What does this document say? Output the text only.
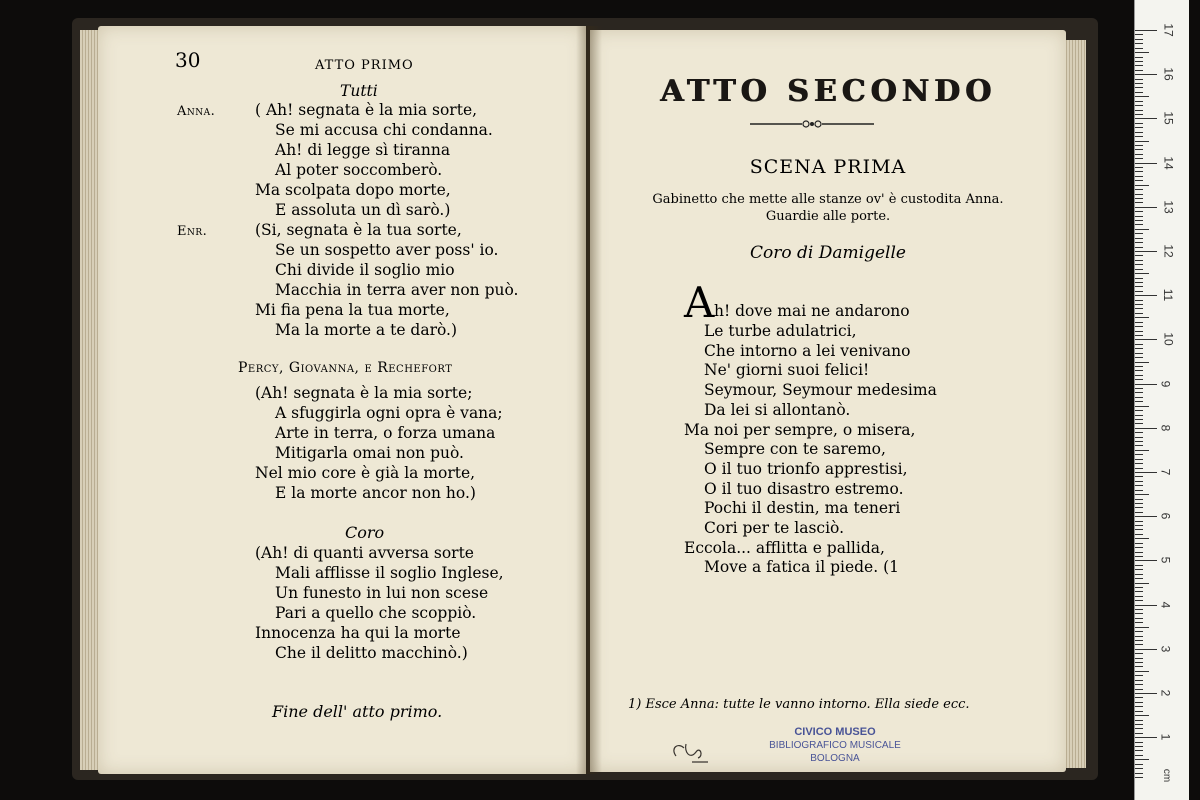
30	ATTO PRIMO
Tutti
Anna.	( Ah! segnata è la mia sorte,
Se mi accusa chi condanna.
Ah! di legge sì tiranna
Al poter soccomberò.
Ma scolpata dopo morte,
E assoluta un dì sarò.)
Enr.	(Si, segnata è la tua sorte,
Se un sospetto aver poss' io.
Chi divide il soglio mio
Macchia in terra aver non può.
Mi fia pena la tua morte,
Ma la morte a te darò.)
Percy, Giovanna, e Rechefort
(Ah! segnata è la mia sorte;
A sfuggirla ogni opra è vana;
Arte in terra, o forza umana
Mitigarla omai non può.
Nel mio core è già la morte,
E la morte ancor non ho.)
Coro
(Ah! di quanti avversa sorte
Mali afflisse il soglio Inglese,
Un funesto in lui non scese
Pari a quello che scoppiò.
Innocenza ha qui la morte
Che il delitto macchinò.)
Fine dell' atto primo.
ATTO SECONDO
SCENA PRIMA
Gabinetto che mette alle stanze ov' è custodita Anna.
Guardie alle porte.
Coro di Damigelle
A h! dove mai ne andarono
Le turbe adulatrici,
Che intorno a lei venivano
Ne' giorni suoi felici!
Seymour, Seymour medesima
Da lei si allontanò.
Ma noi per sempre, o misera,
Sempre con te saremo,
O il tuo trionfo apprestisi,
O il tuo disastro estremo.
Pochi il destin, ma teneri
Cori per te lasciò.
Eccola... afflitta e pallida,
Move a fatica il piede. (1
1) Esce Anna: tutte le vanno intorno. Ella siede ecc.
CIVICO MUSEO
BIBLIOGRAFICO MUSICALE
BOLOGNA
17
16
15
14
13
12
11
10
9
8
7
6
5
4
3
2
1
cm
